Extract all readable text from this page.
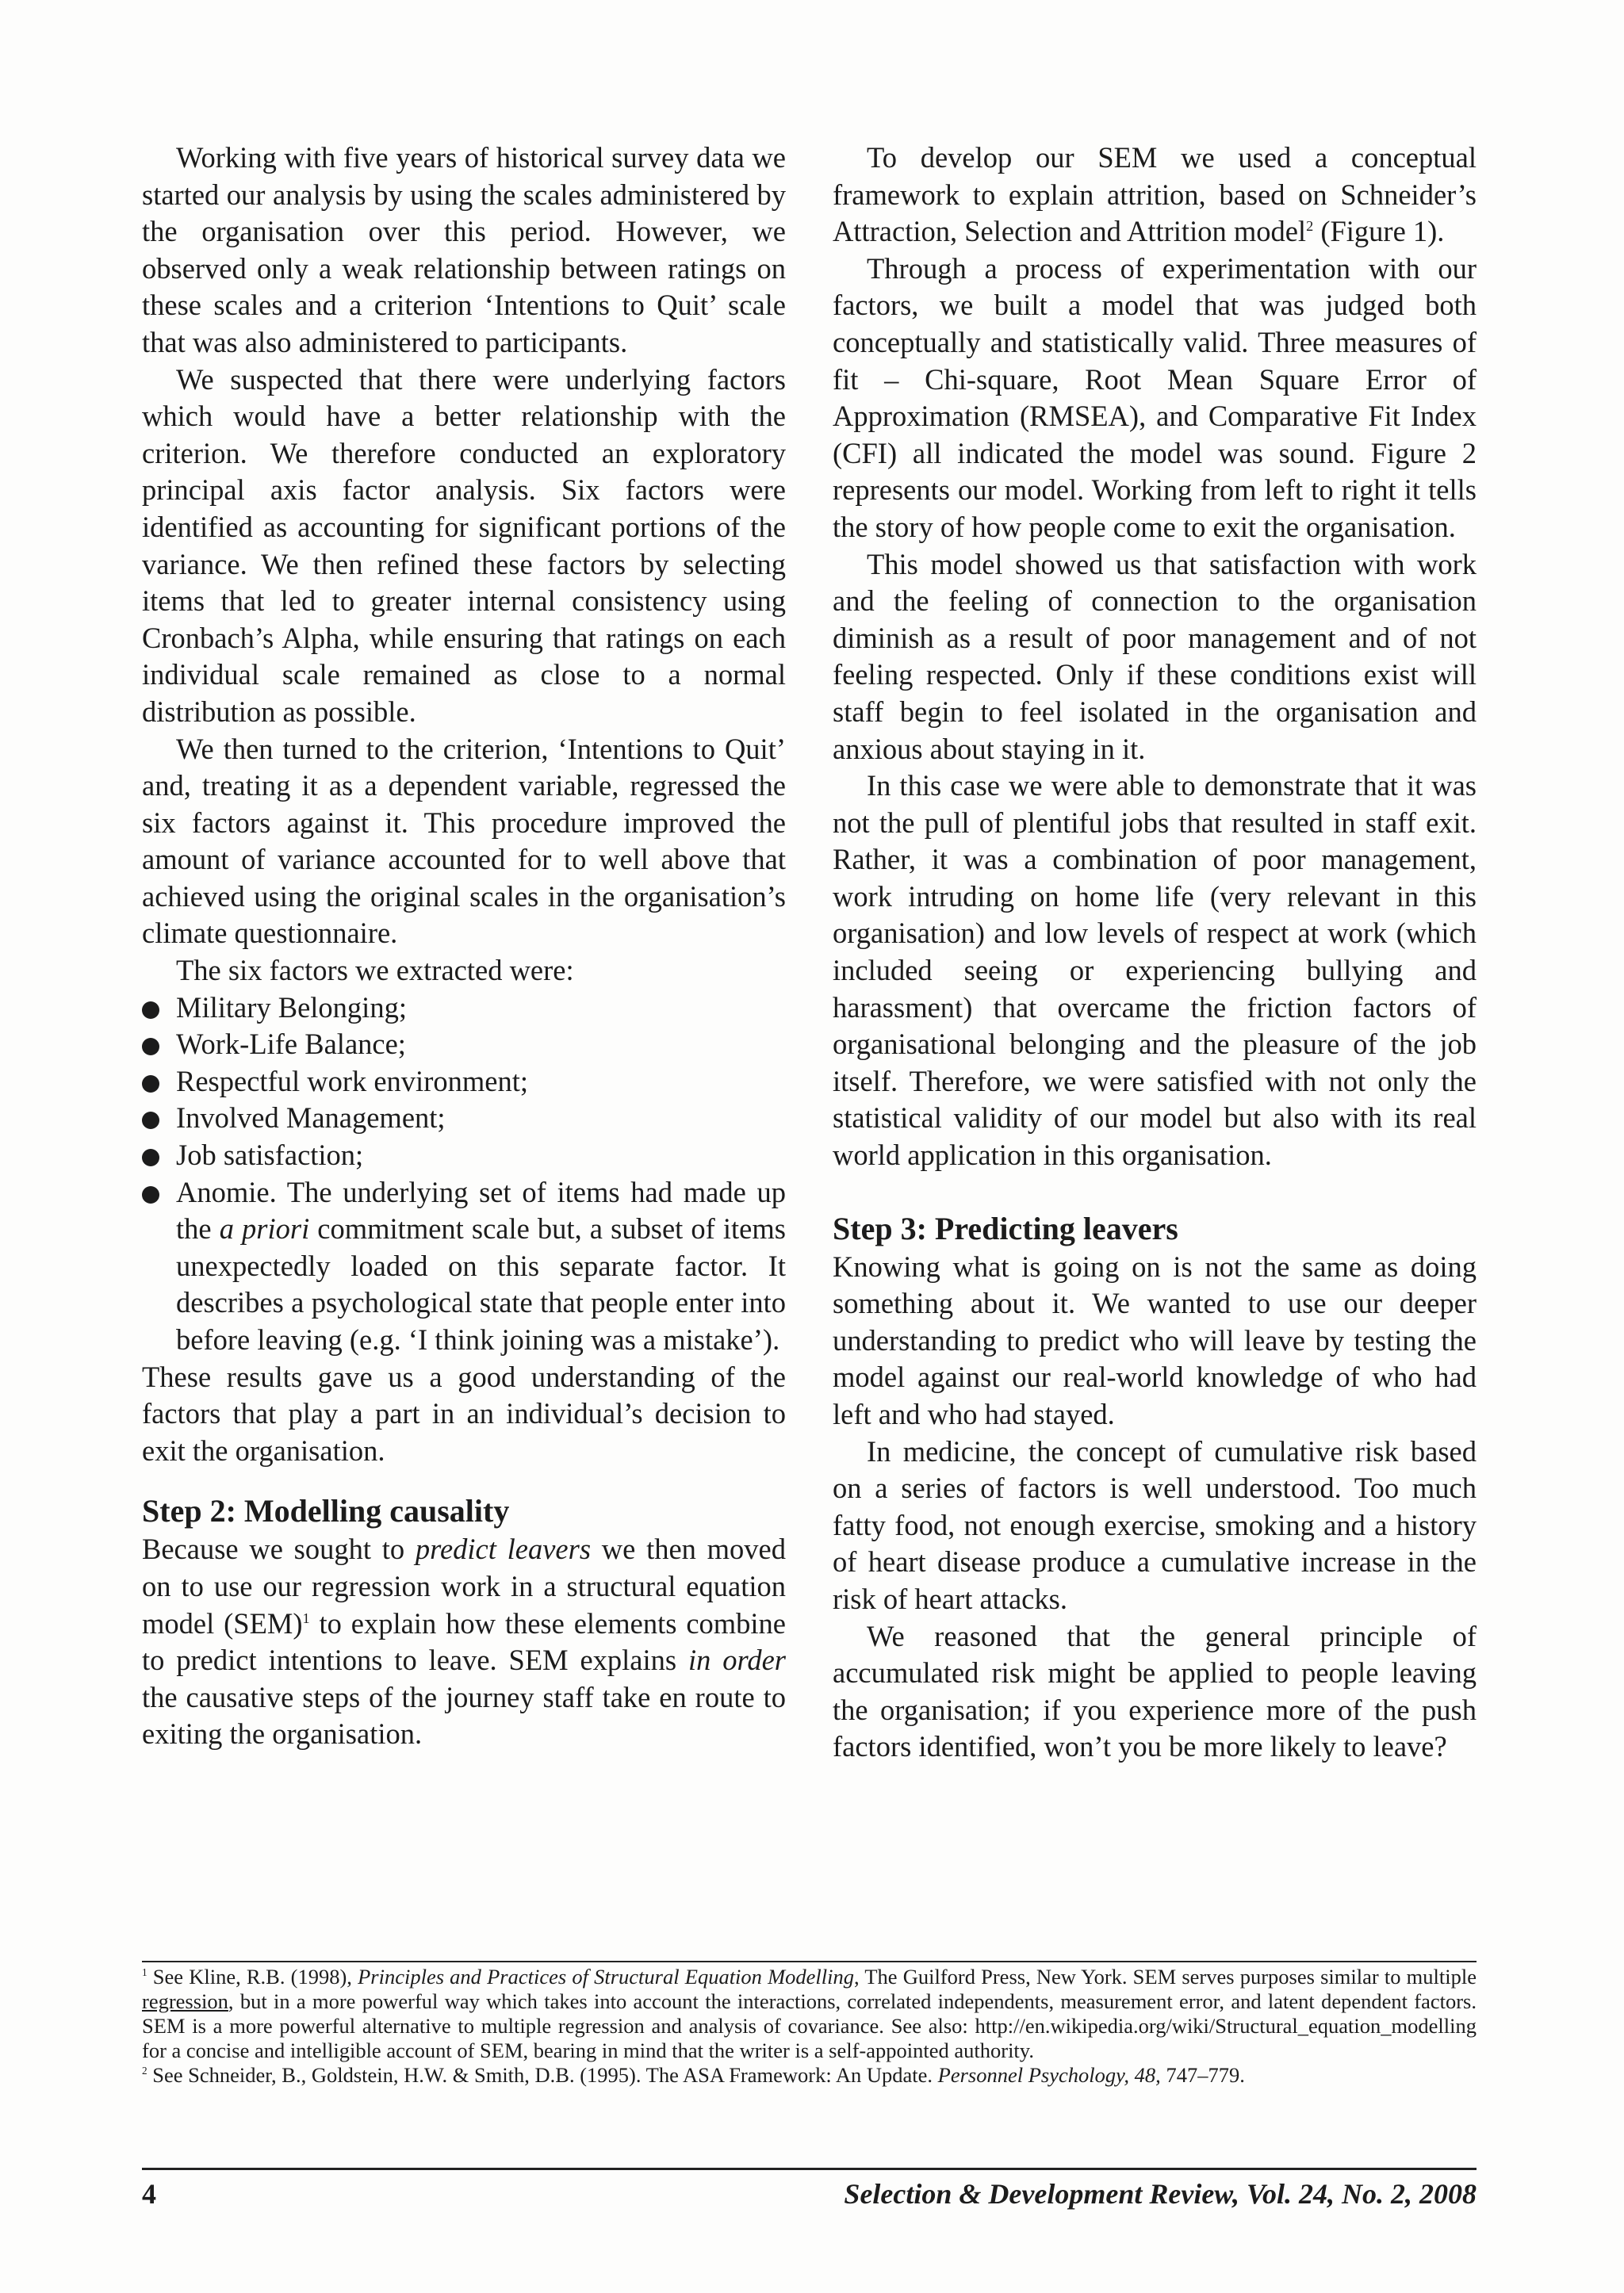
Working with five years of historical survey data we started our analysis by using the scales administered by the organisation over this period. However, we observed only a weak relationship between ratings on these scales and a criterion ‘Intentions to Quit’ scale that was also administered to participants.

We suspected that there were underlying factors which would have a better relationship with the criterion. We therefore conducted an exploratory principal axis factor analysis. Six factors were identified as accounting for significant portions of the variance. We then refined these factors by selecting items that led to greater internal consistency using Cronbach’s Alpha, while ensuring that ratings on each individual scale remained as close to a normal distribution as possible.

We then turned to the criterion, ‘Intentions to Quit’ and, treating it as a dependent variable, regressed the six factors against it. This procedure improved the amount of variance accounted for to well above that achieved using the original scales in the organisation’s climate questionnaire.

The six factors we extracted were:

Military Belonging;
Work-Life Balance;
Respectful work environment;
Involved Management;
Job satisfaction;
Anomie. The underlying set of items had made up the a priori commitment scale but, a subset of items unexpectedly loaded on this separate factor. It describes a psychological state that people enter into before leaving (e.g. ‘I think joining was a mistake’).

These results gave us a good understanding of the factors that play a part in an individual’s decision to exit the organisation.

Step 2: Modelling causality

Because we sought to predict leavers we then moved on to use our regression work in a structural equation model (SEM)$^1$ to explain how these elements combine to predict intentions to leave. SEM explains in order the causative steps of the journey staff take en route to exiting the organisation.

To develop our SEM we used a conceptual framework to explain attrition, based on Schneider’s Attraction, Selection and Attrition model$^2$ (Figure 1).

Through a process of experimentation with our factors, we built a model that was judged both conceptually and statistically valid. Three measures of fit – Chi-square, Root Mean Square Error of Approximation (RMSEA), and Comparative Fit Index (CFI) all indicated the model was sound. Figure 2 represents our model. Working from left to right it tells the story of how people come to exit the organisation.

This model showed us that satisfaction with work and the feeling of connection to the organisation diminish as a result of poor management and of not feeling respected. Only if these conditions exist will staff begin to feel isolated in the organisation and anxious about staying in it.

In this case we were able to demonstrate that it was not the pull of plentiful jobs that resulted in staff exit. Rather, it was a combination of poor management, work intruding on home life (very relevant in this organisation) and low levels of respect at work (which included seeing or experiencing bullying and harassment) that overcame the friction factors of organisational belonging and the pleasure of the job itself. Therefore, we were satisfied with not only the statistical validity of our model but also with its real world application in this organisation.

Step 3: Predicting leavers

Knowing what is going on is not the same as doing something about it. We wanted to use our deeper understanding to predict who will leave by testing the model against our real-world knowledge of who had left and who had stayed.

In medicine, the concept of cumulative risk based on a series of factors is well understood. Too much fatty food, not enough exercise, smoking and a history of heart disease produce a cumulative increase in the risk of heart attacks.

We reasoned that the general principle of accumulated risk might be applied to people leaving the organisation; if you experience more of the push factors identified, won’t you be more likely to leave?

$^1$ See Kline, R.B. (1998), Principles and Practices of Structural Equation Modelling, The Guilford Press, New York. SEM serves purposes similar to multiple regression, but in a more powerful way which takes into account the interactions, correlated independents, measurement error, and latent dependent factors. SEM is a more powerful alternative to multiple regression and analysis of covariance. See also: http://en.wikipedia.org/wiki/Structural_equation_modelling for a concise and intelligible account of SEM, bearing in mind that the writer is a self-appointed authority.

$^2$ See Schneider, B., Goldstein, H.W. & Smith, D.B. (1995). The ASA Framework: An Update. Personnel Psychology, 48, 747–779.

4	Selection & Development Review, Vol. 24, No. 2, 2008
